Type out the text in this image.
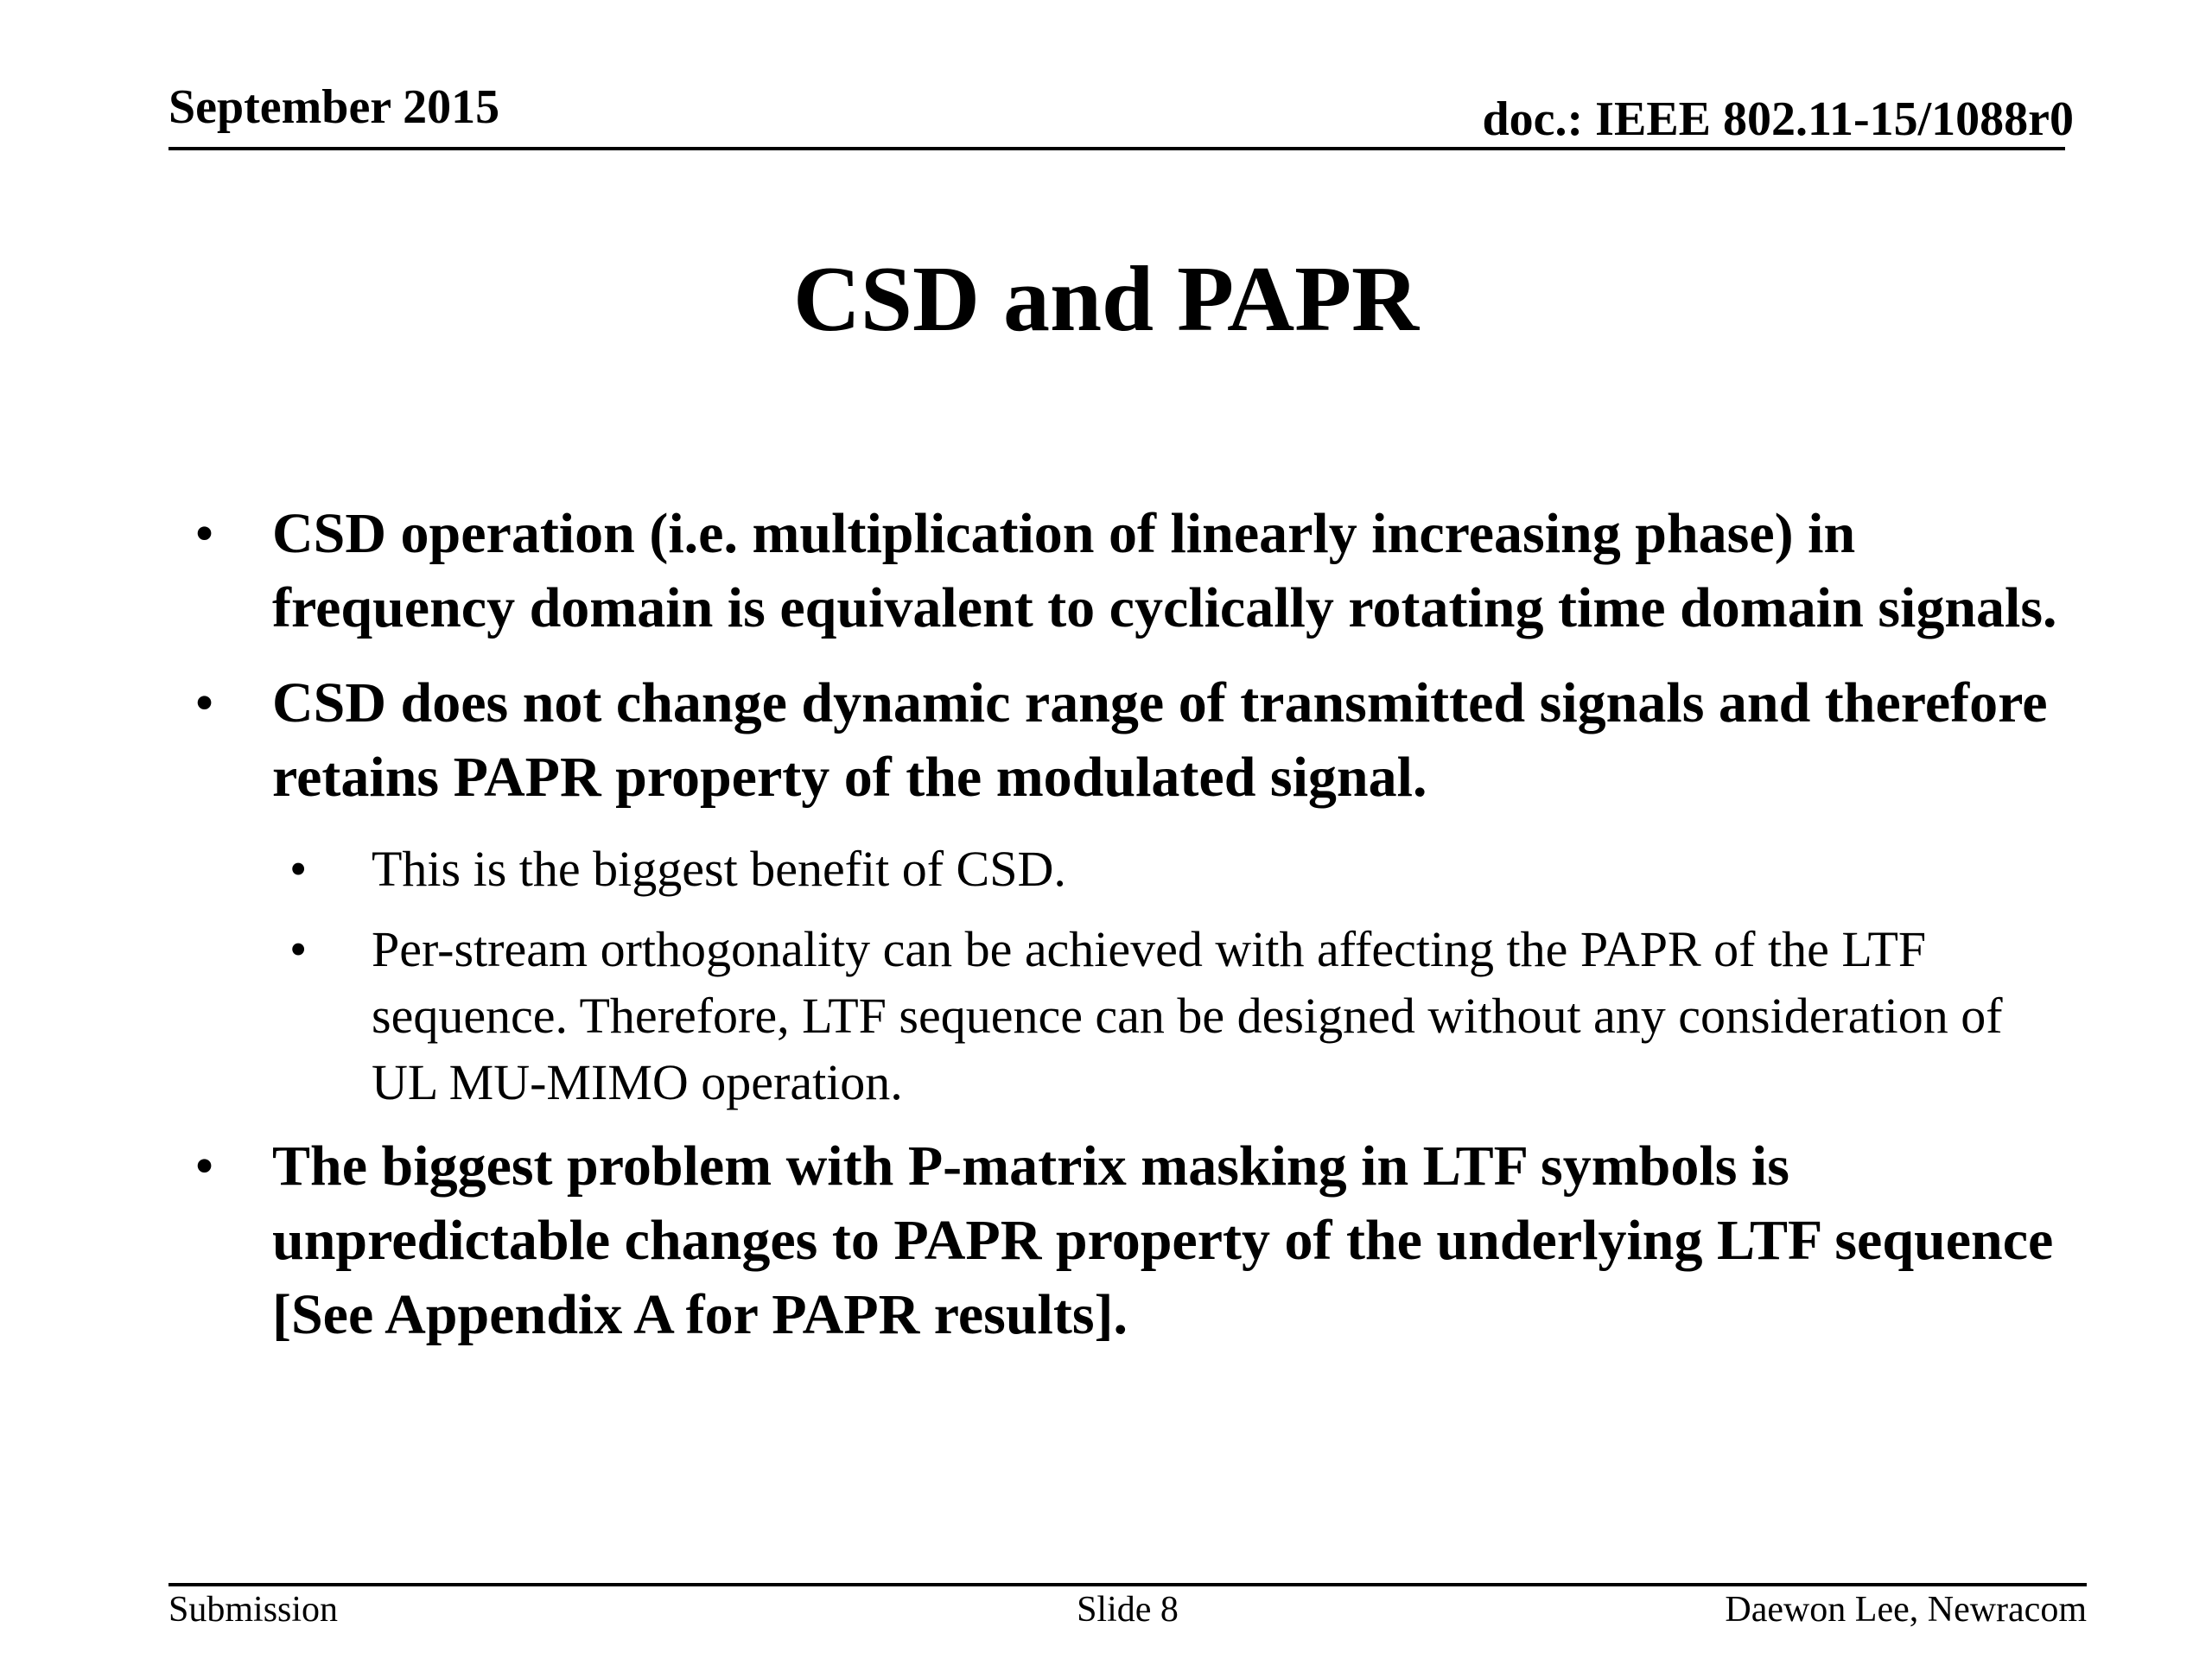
September 2015	doc.: IEEE 802.11-15/1088r0
CSD and PAPR
• CSD operation (i.e. multiplication of linearly increasing phase) in frequency domain is equivalent to cyclically rotating time domain signals.
• CSD does not change dynamic range of transmitted signals and therefore retains PAPR property of the modulated signal.
• This is the biggest benefit of CSD.
• Per-stream orthogonality can be achieved with affecting the PAPR of the LTF sequence. Therefore, LTF sequence can be designed without any consideration of UL MU-MIMO operation.
• The biggest problem with P-matrix masking in LTF symbols is unpredictable changes to PAPR property of the underlying LTF sequence [See Appendix A for PAPR results].
Submission	Slide 8	Daewon Lee, Newracom
